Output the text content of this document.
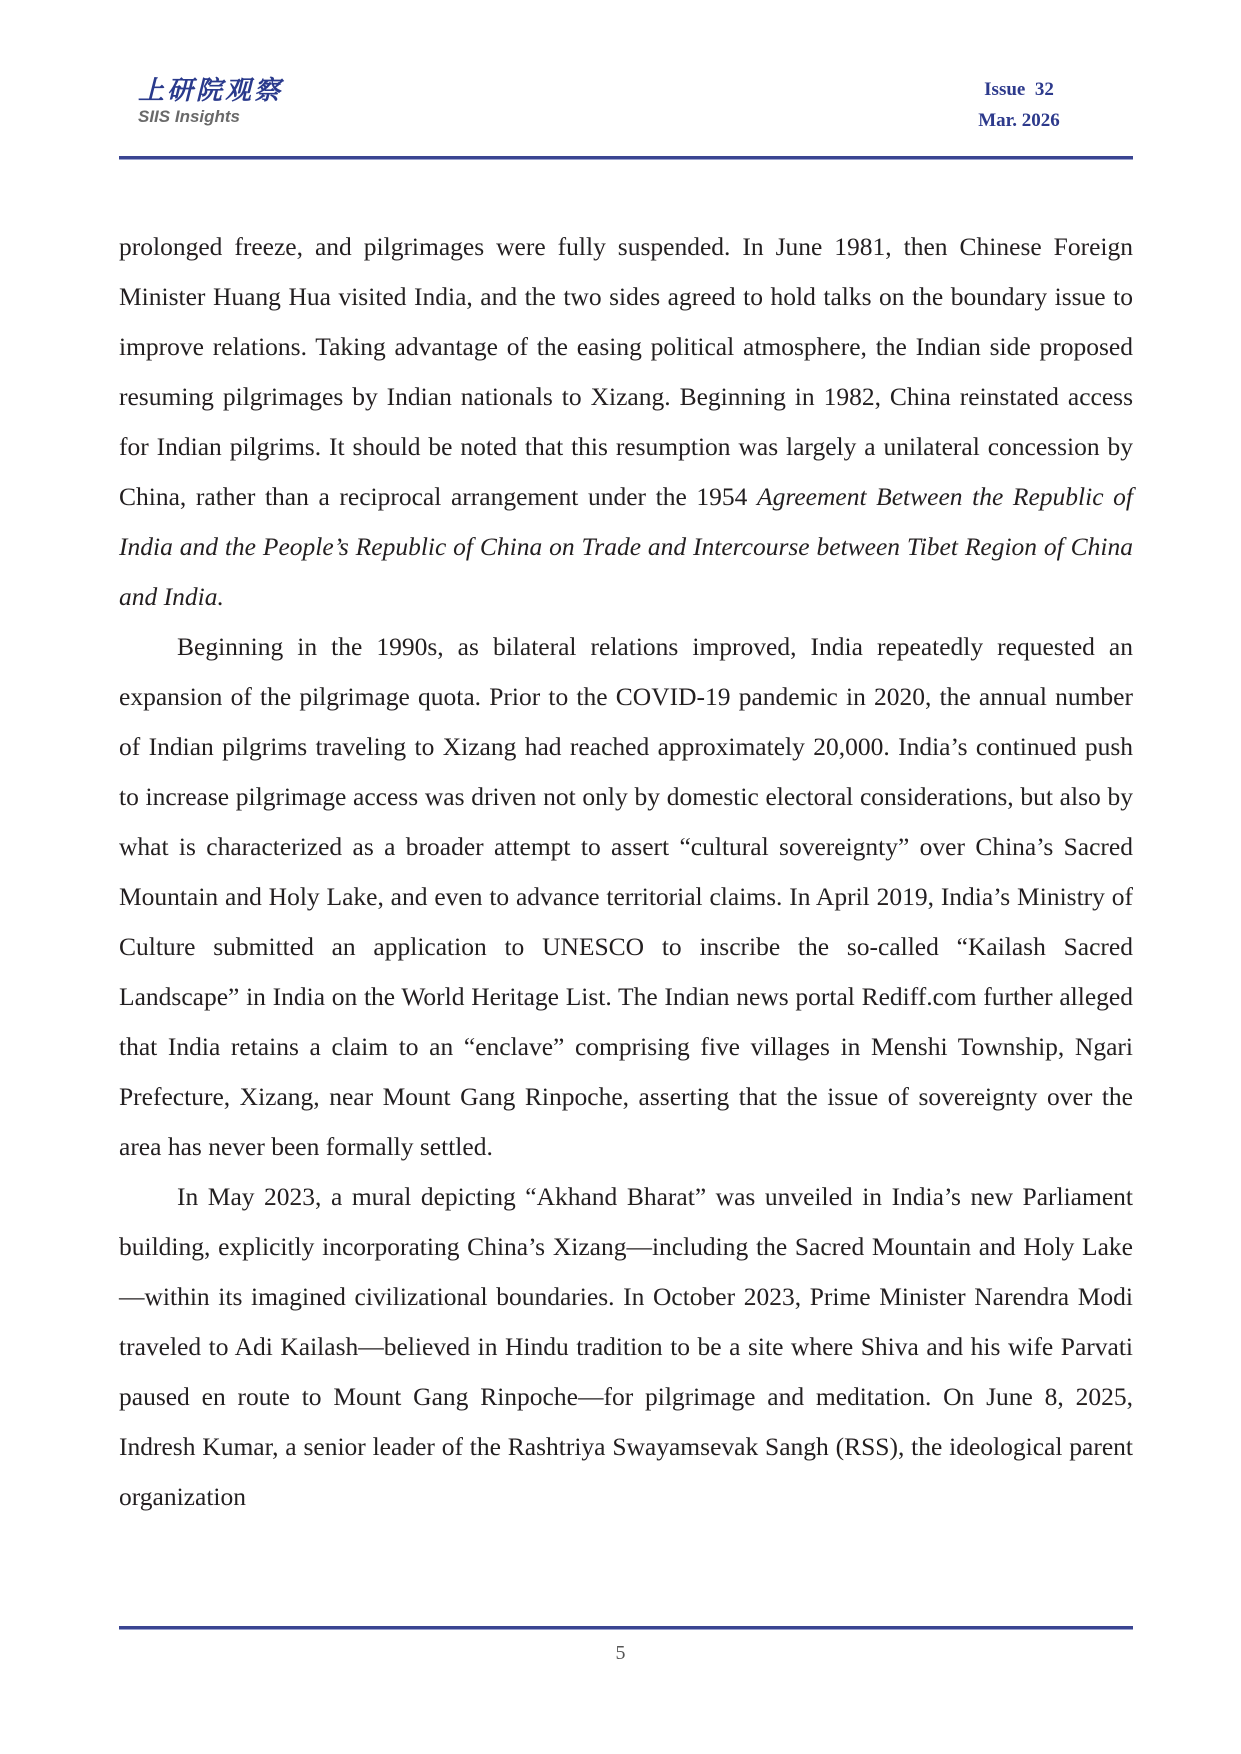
上研院观察
SIIS Insights
Issue  32
Mar. 2026

prolonged freeze, and pilgrimages were fully suspended. In June 1981, then Chinese Foreign Minister Huang Hua visited India, and the two sides agreed to hold talks on the boundary issue to improve relations. Taking advantage of the easing political atmosphere, the Indian side proposed resuming pilgrimages by Indian nationals to Xizang. Beginning in 1982, China reinstated access for Indian pilgrims. It should be noted that this resumption was largely a unilateral concession by China, rather than a reciprocal arrangement under the 1954 Agreement Between the Republic of India and the People’s Republic of China on Trade and Intercourse between Tibet Region of China and India.

Beginning in the 1990s, as bilateral relations improved, India repeatedly requested an expansion of the pilgrimage quota. Prior to the COVID-19 pandemic in 2020, the annual number of Indian pilgrims traveling to Xizang had reached approximately 20,000. India’s continued push to increase pilgrimage access was driven not only by domestic electoral considerations, but also by what is characterized as a broader attempt to assert “cultural sovereignty” over China’s Sacred Mountain and Holy Lake, and even to advance territorial claims. In April 2019, India’s Ministry of Culture submitted an application to UNESCO to inscribe the so-called “Kailash Sacred Landscape” in India on the World Heritage List. The Indian news portal Rediff.com further alleged that India retains a claim to an “enclave” comprising five villages in Menshi Township, Ngari Prefecture, Xizang, near Mount Gang Rinpoche, asserting that the issue of sovereignty over the area has never been formally settled.

In May 2023, a mural depicting “Akhand Bharat” was unveiled in India’s new Parliament building, explicitly incorporating China’s Xizang—including the Sacred Mountain and Holy Lake—within its imagined civilizational boundaries. In October 2023, Prime Minister Narendra Modi traveled to Adi Kailash—believed in Hindu tradition to be a site where Shiva and his wife Parvati paused en route to Mount Gang Rinpoche—for pilgrimage and meditation. On June 8, 2025, Indresh Kumar, a senior leader of the Rashtriya Swayamsevak Sangh (RSS), the ideological parent organization

5
